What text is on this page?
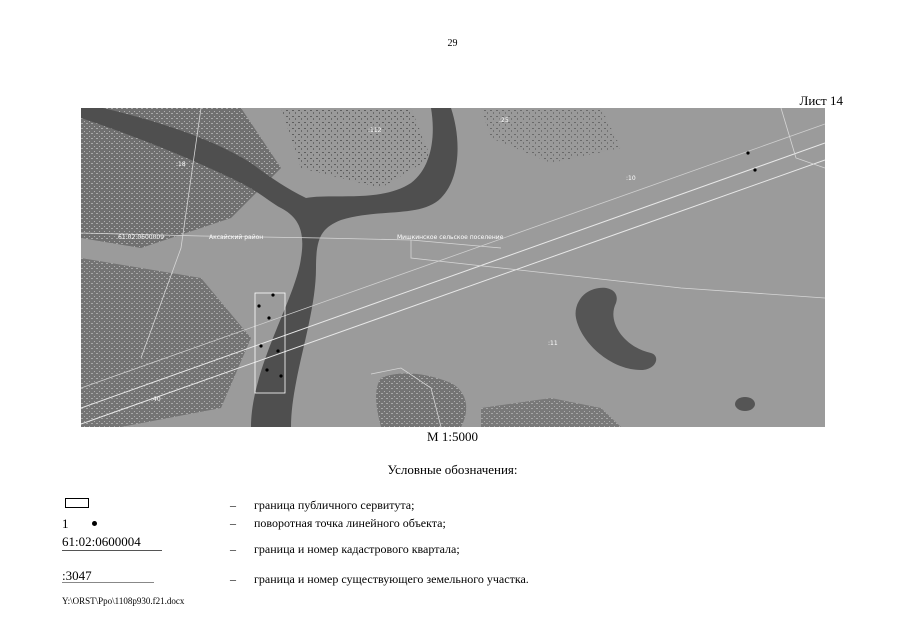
29
Лист 14
61:02:0600009	Аксайский район	Мишкинское сельское поселение
:112
:18
:10
:25
:11
:40
М 1:5000
Условные обозначения:
– граница публичного сервитута;
1	– поворотная точка линейного объекта;
61:02:0600004	– граница и номер кадастрового квартала;
:3047	– граница и номер существующего земельного участка.
Y:\ORST\Ppo\1108p930.f21.docx
